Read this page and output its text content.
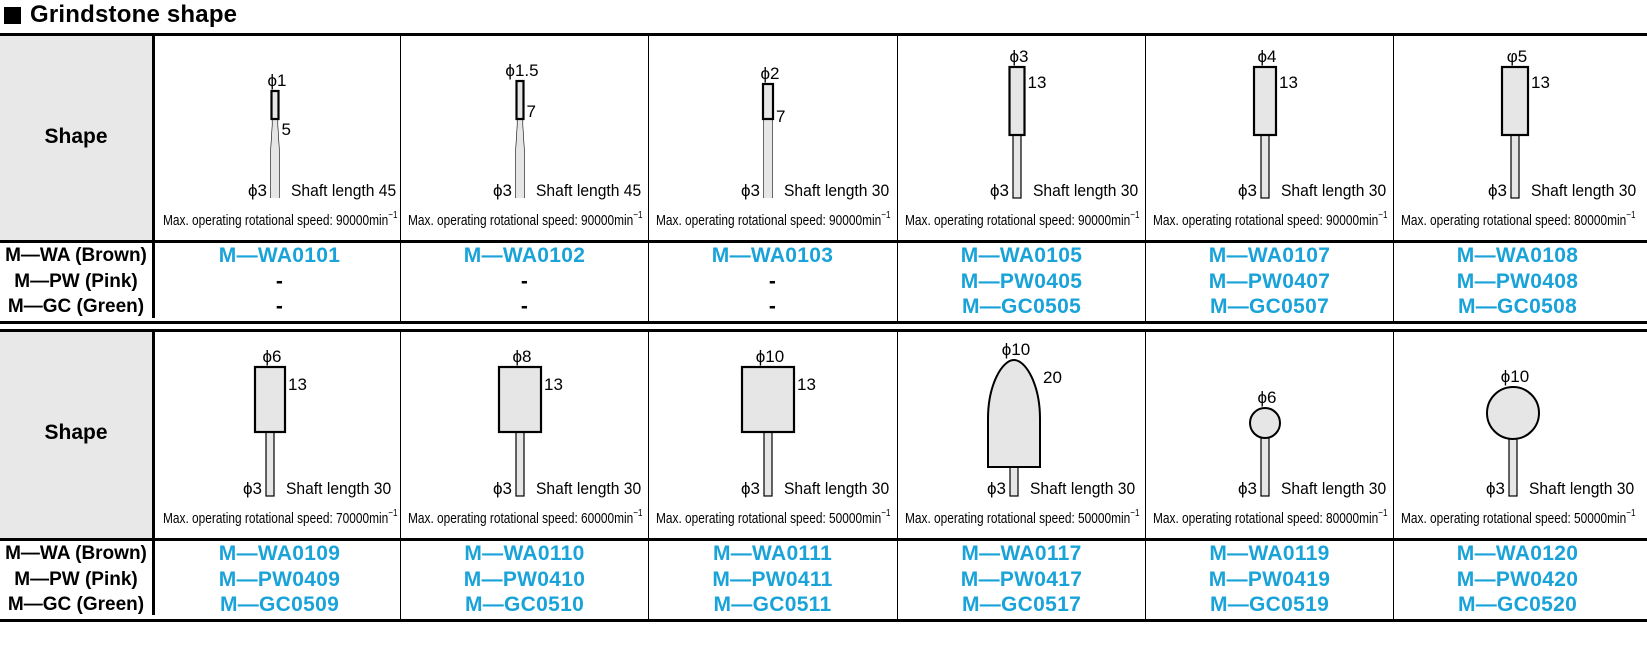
Grindstone shape
Shape
M—WA (Brown)
M—PW (Pink)
M—GC (Green)
ϕ1
5
ϕ3 Shaft length 45
Max. operating rotational speed: $90000\min^{-1}$
M—WA0101
-
-
ϕ1.5
7
ϕ3 Shaft length 45
Max. operating rotational speed: $90000\min^{-1}$
M—WA0102
-
-
ϕ2
7
ϕ3 Shaft length 30
Max. operating rotational speed: $90000\min^{-1}$
M—WA0103
-
-
ϕ3
13
ϕ3 Shaft length 30
Max. operating rotational speed: $90000\min^{-1}$
M—WA0105
M—PW0405
M—GC0505
ϕ4
13
ϕ3 Shaft length 30
Max. operating rotational speed: $90000\min^{-1}$
M—WA0107
M—PW0407
M—GC0507
φ5
13
ϕ3 Shaft length 30
Max. operating rotational speed: $80000\min^{-1}$
M—WA0108
M—PW0408
M—GC0508
Shape
M—WA (Brown)
M—PW (Pink)
M—GC (Green)
ϕ6
13
ϕ3 Shaft length 30
Max. operating rotational speed: $70000\min^{-1}$
M—WA0109
M—PW0409
M—GC0509
ϕ8
13
ϕ3 Shaft length 30
Max. operating rotational speed: $60000\min^{-1}$
M—WA0110
M—PW0410
M—GC0510
ϕ10
13
ϕ3 Shaft length 30
Max. operating rotational speed: $50000\min^{-1}$
M—WA0111
M—PW0411
M—GC0511
ϕ10
20
ϕ3 Shaft length 30
Max. operating rotational speed: $50000\min^{-1}$
M—WA0117
M—PW0417
M—GC0517
ϕ6
ϕ3 Shaft length 30
Max. operating rotational speed: $80000\min^{-1}$
M—WA0119
M—PW0419
M—GC0519
ϕ10
ϕ3 Shaft length 30
Max. operating rotational speed: $50000\min^{-1}$
M—WA0120
M—PW0420
M—GC0520
